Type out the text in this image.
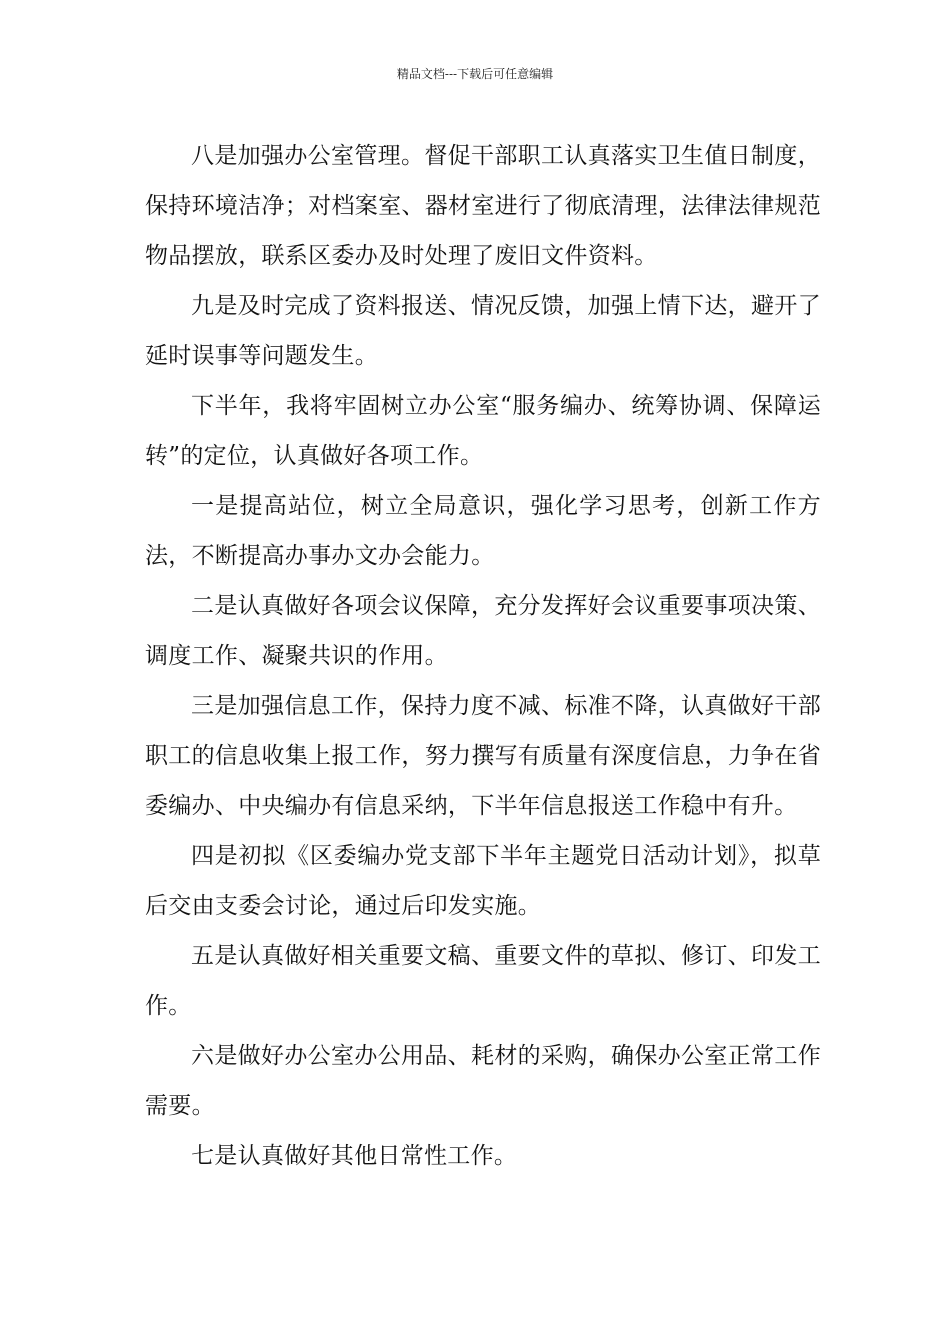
精品文档---下载后可任意编辑

八是加强办公室管理。督促干部职工认真落实卫生值日制度，保持环境洁净；对档案室、器材室进行了彻底清理，法律法律规范物品摆放，联系区委办及时处理了废旧文件资料。

九是及时完成了资料报送、情况反馈，加强上情下达，避开了延时误事等问题发生。

下半年，我将牢固树立办公室“服务编办、统筹协调、保障运转”的定位，认真做好各项工作。

一是提高站位，树立全局意识，强化学习思考，创新工作方法，不断提高办事办文办会能力。

二是认真做好各项会议保障，充分发挥好会议重要事项决策、调度工作、凝聚共识的作用。

三是加强信息工作，保持力度不减、标准不降，认真做好干部职工的信息收集上报工作，努力撰写有质量有深度信息，力争在省委编办、中央编办有信息采纳，下半年信息报送工作稳中有升。

四是初拟《区委编办党支部下半年主题党日活动计划》，拟草后交由支委会讨论，通过后印发实施。

五是认真做好相关重要文稿、重要文件的草拟、修订、印发工作。

六是做好办公室办公用品、耗材的采购，确保办公室正常工作需要。

七是认真做好其他日常性工作。
